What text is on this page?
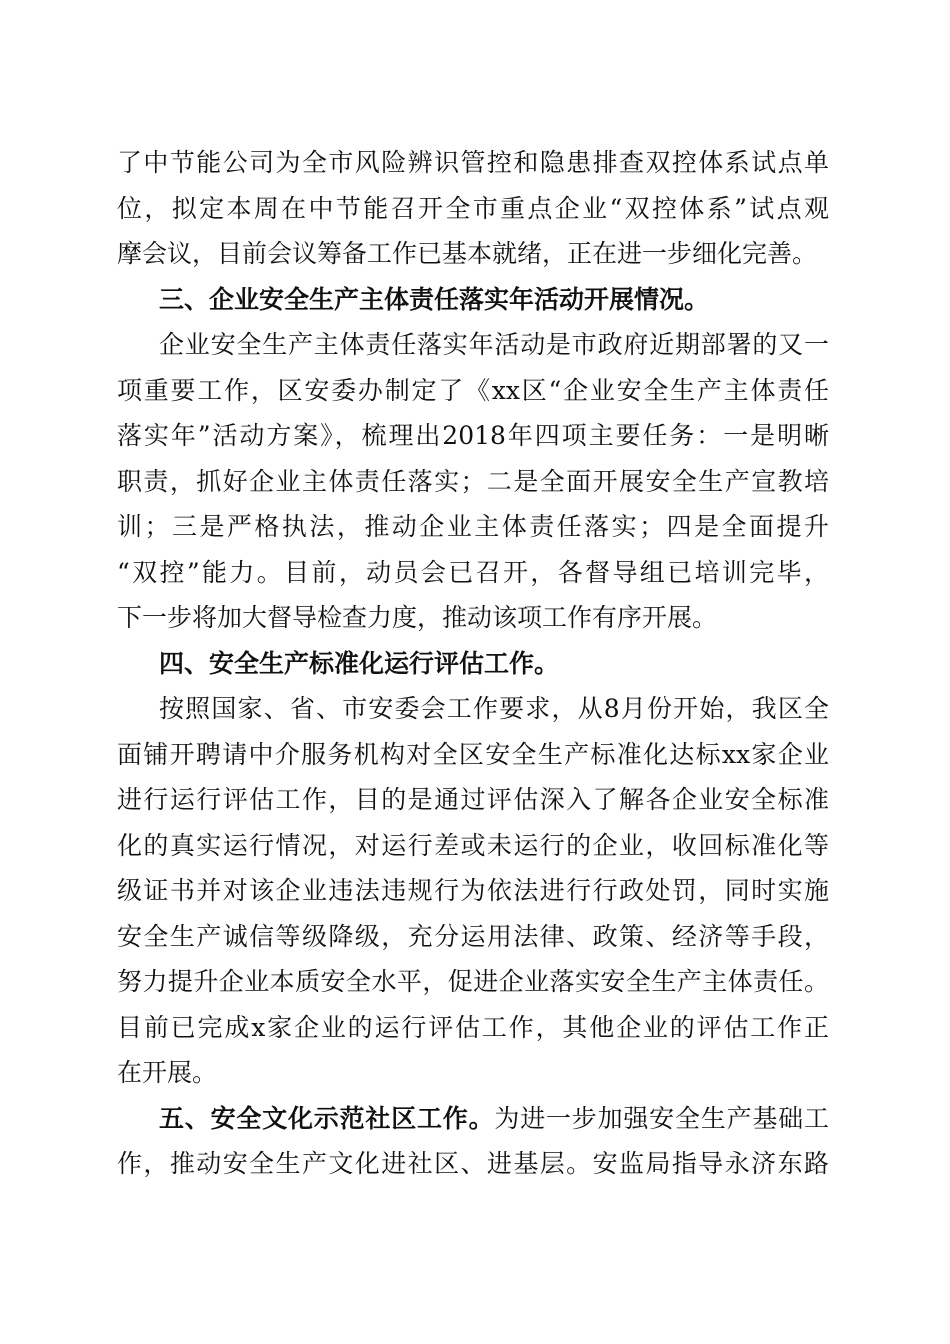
了中节能公司为全市风险辨识管控和隐患排查双控体系试点单
位，拟定本周在中节能召开全市重点企业“双控体系”试点观
摩会议，目前会议筹备工作已基本就绪，正在进一步细化完善。
三、企业安全生产主体责任落实年活动开展情况。
企业安全生产主体责任落实年活动是市政府近期部署的又一
项重要工作，区安委办制定了《xx区“企业安全生产主体责任
落实年”活动方案》，梳理出2018年四项主要任务：一是明晰
职责，抓好企业主体责任落实；二是全面开展安全生产宣教培
训；三是严格执法，推动企业主体责任落实；四是全面提升
“双控”能力。目前，动员会已召开，各督导组已培训完毕，
下一步将加大督导检查力度，推动该项工作有序开展。
四、安全生产标准化运行评估工作。
按照国家、省、市安委会工作要求，从8月份开始，我区全
面铺开聘请中介服务机构对全区安全生产标准化达标xx家企业
进行运行评估工作，目的是通过评估深入了解各企业安全标准
化的真实运行情况，对运行差或未运行的企业，收回标准化等
级证书并对该企业违法违规行为依法进行行政处罚，同时实施
安全生产诚信等级降级，充分运用法律、政策、经济等手段，
努力提升企业本质安全水平，促进企业落实安全生产主体责任。
目前已完成x家企业的运行评估工作，其他企业的评估工作正
在开展。
五、安全文化示范社区工作。为进一步加强安全生产基础工
作，推动安全生产文化进社区、进基层。安监局指导永济东路
